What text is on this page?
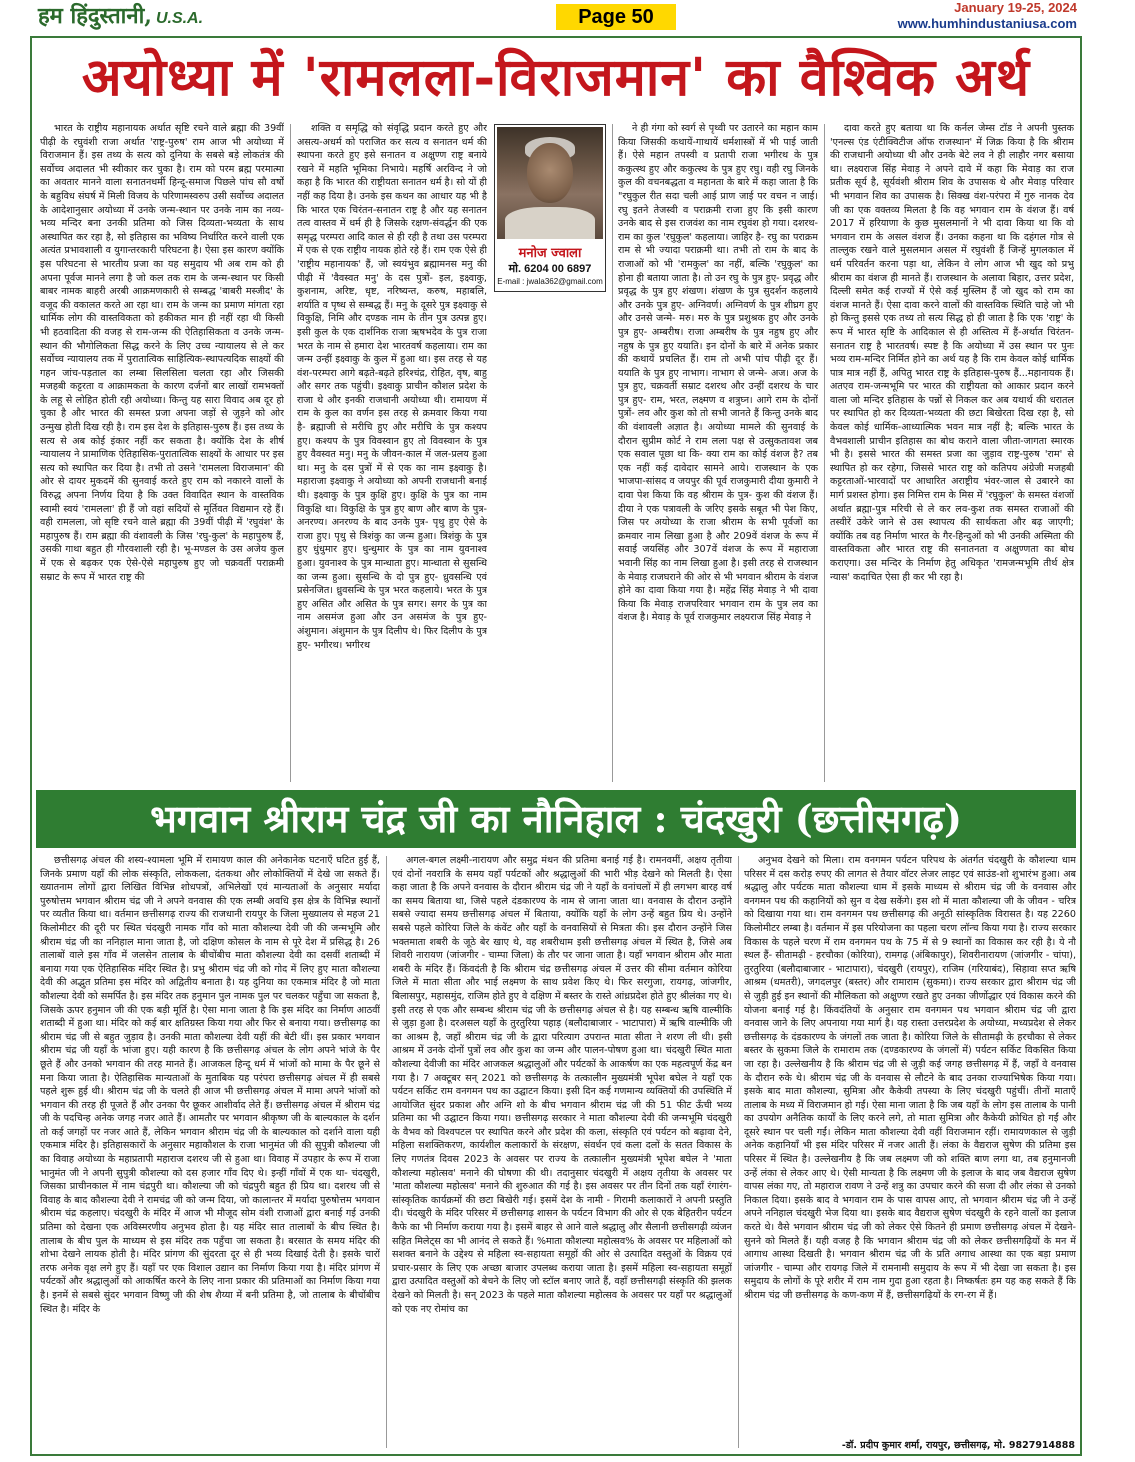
हम हिंदुस्तानी, U.S.A.	Page 50	January 19-25, 2024
www.humhindustaniusa.com
अयोध्या में 'रामलला-विराजमान' का वैश्विक अर्थ

भारत के राष्ट्रीय महानायक अर्थात सृष्टि रचने वाले ब्रह्मा की 39वीं पीढ़ी के रघुवंशी राजा अर्थात 'राष्ट्र-पुरुष' राम आज भी अयोध्या में विराजमान हैं। इस तथ्य के सत्य को दुनिया के सबसे बड़े लोकतंत्र की सर्वोच्च अदालत भी स्वीकार कर चुका है। राम को परम ब्रह्म परमात्मा का अवतार मानने वाला सनातनधर्मी हिन्दू-समाज पिछले पांच सौ वर्षों के बहुविध संघर्ष में मिली विजय के परिणामस्वरुप उसी सर्वोच्च अदालत के आदेशानुसार अयोध्या में उनके जन्म-स्थान पर उनके नाम का नव्य-भव्य मन्दिर बना उनकी प्रतिमा को जिस दिव्यता-भव्यता के साथ अस्थापित कर रहा है, सो इतिहास का भविष्य निर्धारित करने वाली एक अत्यंत प्रभावशाली व युगान्तरकारी परिघटना है। ऐसा इस कारण क्योंकि इस परिघटना से भारतीय प्रजा का यह समुदाय भी अब राम को ही अपना पूर्वज मानने लगा है जो कल तक राम के जन्म-स्थान पर किसी बाबर नामक बाहरी अरबी आक्रमणकारी से सम्बद्ध 'बाबरी मस्जीद' के वजूद की वकालत करते आ रहा था। राम के जन्म का प्रमाण मांगता रहा धार्मिक लोग की वास्तविकता को हकीकत मान ही नहीं रहा थी किसी भी हठवादिता की वजह से राम-जन्म की ऐतिहासिकता व उनके जन्म-स्थान की भौगोलिकता सिद्ध करने के लिए उच्च न्यायालय से ले कर सर्वोच्च न्यायालय तक में पुरातात्विक साहित्यिक-स्थापत्यदिक साक्ष्यों की गहन जांच-पड़ताल का लम्बा सिलसिला चलता रहा और जिसकी मजहबी कट्टरता व आक्रामकता के कारण दर्जनों बार लाखों रामभक्तों के लहू से लोहित होती रही अयोध्या। किन्तु यह सारा विवाद अब दूर हो चुका है और भारत की समस्त प्रजा अपना जड़ों से जुड़ने को ओर उन्मुख होती दिख रही है। राम इस देश के इतिहास-पुरुष हैं। इस तथ्य के सत्य से अब कोई इंकार नहीं कर सकता है। क्योंकि देश के शीर्ष न्यायालय ने प्रामाणिक ऐतिहासिक-पुरातात्विक साक्ष्यों के आधार पर इस सत्य को स्थापित कर दिया है। तभी तो उसने 'रामलला विराजमान' की ओर से दायर मुकदमें की सुनवाई करते हुए राम को नकारने वालों के विरुद्ध अपना निर्णय दिया है कि उक्त विवादित स्थान के वास्तविक स्वामी स्वयं 'रामलला' ही हैं जो वहां सदियों से मूर्तिवत विद्यमान रहे हैं। वही रामलला, जो सृष्टि रचने वाले ब्रह्मा की 39वीं पीढ़ी में 'रघुवंश' के महापुरुष हैं। राम ब्रह्मा की वंशावली के जिस 'रघु-कुल' के महापुरुष हैं, उसकी गाथा बहुत ही गौरवशाली रही है। भू-मण्डल के उस अजेय कुल में एक से बढ़कर एक ऐसे-ऐसे महापुरुष हुए जो चक्रवर्ती पराक्रमी सम्राट के रूप में भारत राष्ट्र की

शक्ति व समृद्धि को संवृद्धि प्रदान करते हुए और असत्य-अधर्म को पराजित कर सत्य व सनातन धर्म की स्थापना करते हुए इसे सनातन व अक्षुण्ण राष्ट्र बनाये रखने में महति भूमिका निभाये। महर्षि अरविन्द ने जो कहा है कि भारत की राष्ट्रीयता सनातन धर्म है। सो यों ही नहीं कह दिया है। उनके इस कथन का आधार यह भी है कि भारत एक चिरंतन-सनातन राष्ट्र है और यह सनातन तत्व वास्तव में धर्म ही है जिसके रक्षण-संवर्द्धन की एक समृद्ध परम्परा आदि काल से ही रही है तथा उस परम्परा में एक से एक राष्ट्रीय नायक होते रहे हैं। राम एक ऐसे ही 'राष्ट्रीय महानायक' हैं, जो स्वयंभुव ब्रह्मामनस मनु की पीढ़ी में 'वैवस्वत मनु' के दस पुत्रों- इल, इक्ष्वाकु, कुशनाम, अरिष्ट, धृष्ट, नरिष्यन्त, करुष, महाबलि, शर्याति व पृष्ध से सम्बद्ध हैं। मनु के दूसरे पुत्र इक्ष्वाकु से विकुक्षि, निमि और दण्डक नाम के तीन पुत्र उत्पन्न हुए। इसी कुल के एक दार्शनिक राजा ऋषभदेव के पुत्र राजा भरत के नाम से हमारा देश भारतवर्ष कहलाया। राम का जन्म उन्हीं इक्ष्वाकु के कुल में हुआ था। इस तरह से यह वंश-परम्परा आगे बढ़ते-बढ़ते हरिश्चंद्र, रोहित, वृष, बाहु और सगर तक पहुंची। इक्ष्वाकु प्राचीन कौशल प्रदेश के राजा थे और इनकी राजधानी अयोध्या थी। रामायण में राम के कुल का वर्णन इस तरह से क्रमवार किया गया है- ब्रह्माजी से मरीचि हुए और मरीचि के पुत्र कश्यप हुए। कश्यप के पुत्र विवस्वान हुए तो विवस्वान के पुत्र हुए वैवस्वत मनु। मनु के जीवन-काल में जल-प्रलय हुआ था। मनु के दस पुत्रों में से एक का नाम इक्ष्वाकु है। महाराजा इक्ष्वाकु ने अयोध्या को अपनी राजधानी बनाई थी। इक्ष्वाकु के पुत्र कुक्षि हुए। कुक्षि के पुत्र का नाम विकुक्षि था। विकुक्षि के पुत्र हुए बाण और बाण के पुत्र- अनरण्य। अनरण्य के बाद उनके पुत्र- पृथु हुए ऐसे के राजा हुए। पृथु से त्रिशंकु का जन्म हुआ। त्रिशंकु के पुत्र हुए धुंधुमार हुए। धुन्धुमार के पुत्र का नाम युवनाश्व हुआ। युवनाश्व के पुत्र मान्धाता हुए। मान्धाता से सुसन्धि का जन्म हुआ। सुसन्धि के दो पुत्र हुए- ध्रुवसन्धि एवं प्रसेनजित। ध्रुवसन्धि के पुत्र भरत कहलाये। भरत के पुत्र हुए असित और असित के पुत्र सगर। सगर के पुत्र का नाम असमंज हुआ और उन असमंज के पुत्र हुए- अंशुमान। अंशुमान के पुत्र दिलीप थे। फिर दिलीप के पुत्र हुए- भगीरथ। भगीरथ

मनोज ज्वाला
मो. 6204 00 6897
E-mail : jwala362@gmail.com

ने ही गंगा को स्वर्ग से पृथ्वी पर उतारने का महान काम किया जिसकी कथायें-गाथायें धर्मशास्त्रों में भी पाई जाती हैं। ऐसे महान तपस्वी व प्रतापी राजा भगीरथ के पुत्र ककुत्स्थ हुए और ककुत्स्थ के पुत्र हुए रघु। वही रघु जिनके कुल की वचनबद्धता व महानता के बारे में कहा जाता है कि "रघुकुल रीत सदा चली आई प्राण जाई पर वचन न जाई। रघु इतने तेजस्वी व पराक्रमी राजा हुए कि इसी कारण उनके बाद से इस राजवंश का नाम रघुवंश हो गया। दशरथ-राम का कुल 'रघुकुल' कहलाया। जाहिर है- रघु का पराक्रम राम से भी ज्यादा पराक्रमी था। तभी तो राम के बाद के राजाओं को भी 'रामकुल' का नहीं, बल्कि 'रघुकुल' का होना ही बताया जाता है। तो उन रघु के पुत्र हुए- प्रवृद्ध और प्रवृद्ध के पुत्र हुए शंखण। शंखण के पुत्र सुदर्शन कहलाये और उनके पुत्र हुए- अग्निवर्ण। अग्निवर्ण के पुत्र शीघ्रग हुए और उनसे जन्मे- मरु। मरु के पुत्र प्रशुश्रक हुए और उनके पुत्र हुए- अम्बरीष। राजा अम्बरीष के पुत्र नहुष हुए और नहुष के पुत्र हुए ययाति। इन दोनों के बारे में अनेक प्रकार की कथायें प्रचलित हैं। राम तो अभी पांच पीढ़ी दूर हैं। ययाति के पुत्र हुए नाभाग। नाभाग से जन्मे- अज। अज के पुत्र हुए, चक्रवर्ती सम्राट दशरथ और उन्हीं दशरथ के चार पुत्र हुए- राम, भरत, लक्ष्मण व शत्रुघ्न। आगे राम के दोनों पुत्रों- लव और कुश को तो सभी जानते हैं किन्तु उनके बाद की वंशावली अज्ञात है। अयोध्या मामले की सुनवाई के दौरान सुप्रीम कोर्ट ने राम लला पक्ष से उत्सुकतावश जब एक सवाल पूछा था कि- क्या राम का कोई वंशज है? तब एक नहीं कई दावेदार सामने आये। राजस्थान के एक भाजपा-सांसद व जयपुर की पूर्व राजकुमारी दीया कुमारी ने दावा पेश किया कि वह श्रीराम के पुत्र- कुश की वंशज हैं। दीया ने एक पत्रावली के जरिए इसके सबूत भी पेश किए, जिस पर अयोध्या के राजा श्रीराम के सभी पूर्वजों का क्रमवार नाम लिखा हुआ है और 209वें वंशज के रूप में सवाई जयसिंह और 307वें वंशज के रूप में महाराजा भवानी सिंह का नाम लिखा हुआ है। इसी तरह से राजस्थान के मेवाड़ राजघराने की ओर से भी भगवान श्रीराम के वंशज होने का दावा किया गया है। महेंद्र सिंह मेवाड़ ने भी दावा किया कि मेवाड़ राजपरिवार भगवान राम के पुत्र लव का वंशज है। मेवाड़ के पूर्व राजकुमार लक्ष्यराज सिंह मेवाड़ ने

दावा करते हुए बताया था कि कर्नल जेम्स टॉड ने अपनी पुस्तक 'एनल्स एंड एंटीक्विटीज ऑफ राजस्थान' में जिक्र किया है कि श्रीराम की राजधानी अयोध्या थी और उनके बेटे लव ने ही लाहौर नगर बसाया था। लक्ष्यराज सिंह मेवाड़ ने अपने दावे में कहा कि मेवाड़ का राज प्रतीक सूर्य है, सूर्यवंशी श्रीराम शिव के उपासक थे और मेवाड़ परिवार भी भगवान शिव का उपासक है। सिक्ख वंश-परंपरा में गुरु नानक देव जी का एक वक्तव्य मिलता है कि वह भगवान राम के वंशज हैं। वर्ष 2017 में हरियाणा के कुछ मुसलमानों ने भी दावा किया था कि वो भगवान राम के असल वंशज हैं। उनका कहना था कि दहंगल गोत्र से ताल्लुक रखने वाले मुसलमान असल में रघुवंशी हैं जिन्हें मुगलकाल में धर्म परिवर्तन करना पड़ा था, लेकिन वे लोग आज भी खुद को प्रभु श्रीराम का वंशज ही मानते हैं। राजस्थान के अलावा बिहार, उत्तर प्रदेश, दिल्ली समेत कई राज्यों में ऐसे कई मुस्लिम हैं जो खुद को राम का वंशज मानते हैं। ऐसा दावा करने वालों की वास्तविक स्थिति चाहे जो भी हो किन्तु इससे एक तथ्य तो सत्य सिद्ध हो ही जाता है कि एक 'राष्ट्र' के रूप में भारत सृष्टि के आदिकाल से ही अस्तित्व में हैं-अर्थात चिरंतन-सनातन राष्ट्र है भारतवर्ष। स्पष्ट है कि अयोध्या में उस स्थान पर पुनः भव्य राम-मन्दिर निर्मित होने का अर्थ यह है कि राम केवल कोई धार्मिक पात्र मात्र नहीं हैं, अपितु भारत राष्ट्र के इतिहास-पुरुष हैं...महानायक हैं। अतएव राम-जन्मभूमि पर भारत की राष्ट्रीयता को आकार प्रदान करने वाला जो मन्दिर इतिहास के पन्नों से निकल कर अब यथार्थ की धरातल पर स्थापित हो कर दिव्यता-भव्यता की छटा बिखेरता दिख रहा है, सो केवल कोई धार्मिक-आध्यात्मिक भवन मात्र नहीं है; बल्कि भारत के वैभवशाली प्राचीन इतिहास का बोध कराने वाला जीता-जागता स्मारक भी है। इससे भारत की समस्त प्रजा का जुड़ाव राष्ट्र-पुरुष 'राम' से स्थापित हो कर रहेगा, जिससे भारत राष्ट्र को कतिपय अंग्रेजी मजहबी कट्टरताओं-भारवादों पर आधारित अराष्ट्रीय भंवर-जाल से उबारने का मार्ग प्रशस्त होगा। इस निमित्त राम के मिस में 'रघुकुल' के समस्त वंशजों अर्थात ब्रह्मा-पुत्र मरिची से ले कर लव-कुश तक समस्त राजाओं की तस्वीरें उकेरे जाने से उस स्थापत्य की सार्थकता और बढ़ जाएगी; क्योंकि तब वह निर्माण भारत के गैर-हिन्दुओं को भी उनकी अस्मिता की वास्तविकता और भारत राष्ट्र की सनातनता व अक्षुण्णता का बोध कराएगा। उस मन्दिर के निर्माण हेतु अधिकृत 'रामजन्मभूमि तीर्थ क्षेत्र न्यास' कदाचित ऐसा ही कर भी रहा है।

भगवान श्रीराम चंद्र जी का नौनिहाल : चंदखुरी (छत्तीसगढ़)

छत्तीसगढ़ अंचल की शस्य-श्यामला भूमि में रामायण काल की अनेकानेक घटनाएँ घटित हुई हैं, जिनके प्रमाण यहाँ की लोक संस्कृति, लोककला, दंतकथा और लोकोक्तियों में देखे जा सकते हैं। ख्यातनाम लोगों द्वारा लिखित विभिन्न शोधपत्रों, अभिलेखों एवं मान्यताओं के अनुसार मर्यादा पुरुषोत्तम भगवान श्रीराम चंद्र जी ने अपने वनवास की एक लम्बी अवधि इस क्षेत्र के विभिन्न स्थानों पर व्यतीत किया था। वर्तमान छत्तीसगढ़ राज्य की राजधानी रायपुर के जिला मुख्यालय से महज 21 किलोमीटर की दूरी पर स्थित चंदखुरी नामक गाँव को माता कौशल्या देवी जी की जन्मभूमि और श्रीराम चंद्र जी का ननिहाल माना जाता है, जो दक्षिण कोसल के नाम से पूरे देश में प्रसिद्ध है। 26 तालाबों वाले इस गाँव में जलसेन तालाब के बीचोंबीच माता कौशल्या देवी का दसवीं शताब्दी में बनाया गया एक ऐतिहासिक मंदिर स्थित है। प्रभु श्रीराम चंद्र जी को गोद में लिए हुए माता कौशल्या देवी की अद्भुत प्रतिमा इस मंदिर को अद्वितीय बनाता है। यह दुनिया का एकमात्र मंदिर है जो माता कौशल्या देवी को समर्पित है। इस मंदिर तक हनुमान पुल नामक पुल पर चलकर पहुँचा जा सकता है, जिसके ऊपर हनुमान जी की एक बड़ी मूर्ति है। ऐसा माना जाता है कि इस मंदिर का निर्माण आठवीं शताब्दी में हुआ था। मंदिर को कई बार क्षतिग्रस्त किया गया और फिर से बनाया गया। छत्तीसगढ़ का श्रीराम चंद्र जी से बहुत जुड़ाव है। उनकी माता कौशल्या देवी यहीं की बेटी थीं। इस प्रकार भगवान श्रीराम चंद्र जी यहाँ के भांजा हुए। यही कारण है कि छत्तीसगढ़ अंचल के लोग अपने भांजे के पैर छूते हैं और उनको भगवान की तरह मानते हैं। आजकल हिन्दू धर्म में भांजों को मामा के पैर छूने से मना किया जाता है। ऐतिहासिक मान्यताओं के मुताबिक यह परंपरा छत्तीसगढ़ अंचल में ही सबसे पहले शुरू हुई थी। श्रीराम चंद्र जी के चलते ही आज भी छत्तीसगढ़ अंचल में मामा अपने भांजों को भगवान की तरह ही पूजते हैं और उनका पैर छूकर आशीर्वाद लेते हैं। छत्तीसगढ़ अंचल में श्रीराम चंद्र जी के पदचिन्ह अनेक जगह नजर आते हैं। आमतौर पर भगवान श्रीकृष्ण जी के बाल्यकाल के दर्शन तो कई जगहों पर नजर आते हैं, लेकिन भगवान श्रीराम चंद्र जी के बाल्यकाल को दर्शाने वाला यही एकमात्र मंदिर है। इतिहासकारों के अनुसार महाकौशल के राजा भानुमंत जी की सुपुत्री कौशल्या जी का विवाह अयोध्या के महाप्रतापी महाराज दशरथ जी से हुआ था। विवाह में उपहार के रूप में राजा भानुमंत जी ने अपनी सुपुत्री कौशल्या को दस हजार गाँव दिए थे। इन्हीं गाँवों में एक था- चंदखुरी, जिसका प्राचीनकाल में नाम चंद्रपुरी था। कौशल्या जी को चंद्रपुरी बहुत ही प्रिय था। दशरथ जी से विवाह के बाद कौशल्या देवी ने रामचंद्र जी को जन्म दिया, जो कालान्तर में मर्यादा पुरुषोत्तम भगवान श्रीराम चंद्र कहलाए। चंदखुरी के मंदिर में आज भी मौजूद सोम वंशी राजाओं द्वारा बनाई गई उनकी प्रतिमा को देखना एक अविस्मरणीय अनुभव होता है। यह मंदिर सात तालाबों के बीच स्थित है। तालाब के बीच पुल के माध्यम से इस मंदिर तक पहुँचा जा सकता है। बरसात के समय मंदिर की शोभा देखने लायक होती है। मंदिर प्रांगण की सुंदरता दूर से ही भव्य दिखाई देती है। इसके चारों तरफ अनेक वृक्ष लगे हुए हैं। यहाँ पर एक विशाल उद्यान का निर्माण किया गया है। मंदिर प्रांगण में पर्यटकों और श्रद्धालुओं को आकर्षित करने के लिए नाना प्रकार की प्रतिमाओं का निर्माण किया गया है। इनमें से सबसे सुंदर भगवान विष्णु जी की शेष शैय्या में बनी प्रतिमा है, जो तालाब के बीचोंबीच स्थित है। मंदिर के

अगल-बगल लक्ष्मी-नारायण और समुद्र मंथन की प्रतिमा बनाई गई है। रामनवमीं, अक्षय तृतीया एवं दोनों नवरात्रि के समय यहाँ पर्यटकों और श्रद्धालुओं की भारी भीड़ देखने को मिलती है। ऐसा कहा जाता है कि अपने वनवास के दौरान श्रीराम चंद्र जी ने यहाँ के वनांचलों में ही लगभग बारह वर्ष का समय बिताया था, जिसे पहले दंडकारण्य के नाम से जाना जाता था। वनवास के दौरान उन्होंने सबसे ज्यादा समय छत्तीसगढ़ अंचल में बिताया, क्योंकि यहाँ के लोग उन्हें बहुत प्रिय थे। उन्होंने सबसे पहले कोरिया जिले के कंवेंट और यहाँ के वनवासियों से मित्रता की। इस दौरान उन्होंने जिस भक्तमाता शबरी के जूठे बेर खाए थे, वह शबरीधाम इसी छत्तीसगढ़ अंचल में स्थित है, जिसे अब शिवरी नारायण (जांजगीर - चाम्पा जिला) के तौर पर जाना जाता है। यहाँ भगवान श्रीराम और माता शबरी के मंदिर हैं। किंवदंती है कि श्रीराम चंद्र छत्तीसगढ़ अंचल में उत्तर की सीमा वर्तमान कोरिया जिले में माता सीता और भाई लक्ष्मण के साथ प्रवेश किए थे। फिर सरगुजा, रायगढ़, जांजगीर, बिलासपुर, महासमुंद, राजिम होते हुए वे दक्षिण में बस्तर के रास्ते आंध्रप्रदेश होते हुए श्रीलंका गए थे। इसी तरह से एक और सम्बन्ध श्रीराम चंद्र जी के छत्तीसगढ़ अंचल से है। यह सम्बन्ध ऋषि वाल्मीकि से जुड़ा हुआ है। दरअसल यहाँ के तुरतुरिया पहाड़ (बलौदाबाजार - भाटापारा) में ऋषि वाल्मीकि जी का आश्रम है, जहाँ श्रीराम चंद्र जी के द्वारा परित्याग उपरान्त माता सीता ने शरण ली थी। इसी आश्रम में उनके दोनों पुत्रों लव और कुश का जन्म और पालन-पोषण हुआ था। चंदखुरी स्थित माता कौशल्या देवीजी का मंदिर आजकल श्रद्धालुओं और पर्यटकों के आकर्षण का एक महत्वपूर्ण केंद्र बन गया है। 7 अक्टूबर सन् 2021 को छत्तीसगढ़ के तत्कालीन मुख्यमंत्री भूपेश बघेल ने यहाँ एक पर्यटन सर्किट राम वनगमन पथ का उद्घाटन किया। इसी दिन कई गणमान्य व्यक्तियों की उपस्थिति में आयोजित सुंदर प्रकाश और अग्नि शो के बीच भगवान श्रीराम चंद्र जी की 51 फीट ऊँची भव्य प्रतिमा का भी उद्घाटन किया गया। छत्तीसगढ़ सरकार ने माता कौशल्या देवी की जन्मभूमि चंदखुरी के वैभव को विश्वपटल पर स्थापित करने और प्रदेश की कला, संस्कृति एवं पर्यटन को बढ़ावा देने, महिला सशक्तिकरण, कार्यशील कलाकारों के संरक्षण, संवर्धन एवं कला दलों के सतत विकास के लिए गणतंत्र दिवस 2023 के अवसर पर राज्य के तत्कालीन मुख्यमंत्री भूपेश बघेल ने 'माता कौशल्या महोत्सव' मनाने की घोषणा की थी। तदानुसार चंदखुरी में अक्षय तृतीया के अवसर पर 'माता कौशल्या महोत्सव' मनाने की शुरुआत की गई है। इस अवसर पर तीन दिनों तक यहाँ रंगारंग-सांस्कृतिक कार्यक्रमों की छटा बिखेरी गई। इसमें देश के नामी - गिरामी कलाकारों ने अपनी प्रस्तुति दी। चंदखुरी के मंदिर परिसर में छत्तीसगढ़ शासन के पर्यटन विभाग की ओर से एक बेहितरीन पर्यटन कैफे का भी निर्माण कराया गया है। इसमें बाहर से आने वाले श्रद्धालु और सैलानी छत्तीसगढ़ी व्यंजन सहित मिलेट्स का भी आनंद ले सकते हैं। %माता कौशल्या महोत्सव% के अवसर पर महिलाओं को सशक्त बनाने के उद्देश्य से महिला स्व-सहायता समूहों की ओर से उत्पादित वस्तुओं के विक्रय एवं प्रचार-प्रसार के लिए एक अच्छा बाजार उपलब्ध कराया जाता है। इसमें महिला स्व-सहायता समूहों द्वारा उत्पादित वस्तुओं को बेचने के लिए जो स्टॉल बनाए जाते हैं, वहाँ छत्तीसगढ़ी संस्कृति की झलक देखने को मिलती है। सन् 2023 के पहले माता कौशल्या महोत्सव के अवसर पर यहाँ पर श्रद्धालुओं को एक नए रोमांच का

अनुभव देखने को मिला। राम वनगमन पर्यटन परिपथ के अंतर्गत चंदखुरी के कौशल्या धाम परिसर में दस करोड़ रुपए की लागत से तैयार वॉटर लेजर लाइट एवं साउंड-शो शुभारंभ हुआ। अब श्रद्धालु और पर्यटक माता कौशल्या धाम में इसके माध्यम से श्रीराम चंद्र जी के वनवास और वनगमन पथ की कहानियों को सुन व देख सकेंगे। इस शो में माता कौशल्या जी के जीवन - चरित्र को दिखाया गया था। राम वनगमन पथ छत्तीसगढ़ की अनूठी सांस्कृतिक विरासत है। यह 2260 किलोमीटर लम्बा है। वर्तमान में इस परियोजना का पहला चरण लॉन्च किया गया है। राज्य सरकार विकास के पहले चरण में राम वनगमन पथ के 75 में से 9 स्थानों का विकास कर रही है। ये नौ स्थल हैं- सीतामढ़ी - हरचौका (कोरिया), रामगढ़ (अंबिकापुर), शिवरीनारायण (जांजगीर - चांपा), तुरतुरिया (बलौदाबाजार - भाटापारा), चंदखुरी (रायपुर), राजिम (गरियाबंद), सिहावा सप्त ऋषि आश्रम (धमतरी), जगदलपुर (बस्तर) और रामाराम (सुकमा)। राज्य सरकार द्वारा श्रीराम चंद्र जी से जुड़ी हुई इन स्थानों की मौलिकता को अक्षुण्ण रखते हुए उनका जीर्णोद्धार एवं विकास करने की योजना बनाई गई है। किंवदंतियों के अनुसार राम वनगमन पथ भगवान श्रीराम चंद्र जी द्वारा वनवास जाने के लिए अपनाया गया मार्ग है। यह रास्ता उत्तरप्रदेश के अयोध्या, मध्यप्रदेश से लेकर छत्तीसगढ़ के दंडकारण्य के जंगलों तक जाता है। कोरिया जिले के सीतामढ़ी के हरचौका से लेकर बस्तर के सुकमा जिले के रामाराम तक (दण्डकारण्य के जंगलों में) पर्यटन सर्किट विकसित किया जा रहा है। उल्लेखनीय है कि श्रीराम चंद्र जी से जुड़ी कई जगह छत्तीसगढ़ में हैं, जहाँ वे वनवास के दौरान रुके थे। श्रीराम चंद्र जी के वनवास से लौटने के बाद उनका राज्याभिषेक किया गया। इसके बाद माता कौशल्या, सुमित्रा और कैकेयी तपस्या के लिए चंदखुरी पहुंचीं। तीनों माताएँ तालाब के मध्य में विराजमान हो गईं। ऐसा माना जाता है कि जब यहाँ के लोग इस तालाब के पानी का उपयोग अनैतिक कार्यों के लिए करने लगे, तो माता सुमित्रा और कैकेयी क्रोधित हो गईं और दूसरे स्थान पर चली गईं। लेकिन माता कौशल्या देवी वहीं विराजमान रहीं। रामायणकाल से जुड़ी अनेक कहानियाँ भी इस मंदिर परिसर में नजर आती हैं। लंका के वैद्यराज सुषेण की प्रतिमा इस परिसर में स्थित है। उल्लेखनीय है कि जब लक्ष्मण जी को शक्ति बाण लगा था, तब हनुमानजी उन्हें लंका से लेकर आए थे। ऐसी मान्यता है कि लक्ष्मण जी के इलाज के बाद जब वैद्यराज सुषेण वापस लंका गए, तो महाराज रावण ने उन्हें शत्रु का उपचार करने की सजा दी और लंका से उनको निकाल दिया। इसके बाद वे भगवान राम के पास वापस आए, तो भगवान श्रीराम चंद्र जी ने उन्हें अपने ननिहाल चंदखुरी भेज दिया था। इसके बाद वैद्यराज सुषेण चंदखुरी के रहने वालों का इलाज करते थे। वैसे भगवान श्रीराम चंद्र जी को लेकर ऐसे कितने ही प्रमाण छत्तीसगढ़ अंचल में देखने-सुनने को मिलते हैं। यही वजह है कि भगवान श्रीराम चंद्र जी को लेकर छत्तीसगढ़ियों के मन में आगाध आस्था दिखती है। भगवान श्रीराम चंद्र जी के प्रति अगाध आस्था का एक बड़ा प्रमाण जांजगीर - चाम्पा और रायगढ़ जिले में रामनामी समुदाय के रूप में भी देखा जा सकता है। इस समुदाय के लोगों के पूरे शरीर में राम नाम गुदा हुआ रहता है। निष्कर्षतः हम यह कह सकते हैं कि श्रीराम चंद्र जी छत्तीसगढ़ के कण-कण में हैं, छत्तीसगढ़ियों के रग-रग में हैं।

-डॉ. प्रदीप कुमार शर्मा, रायपुर, छत्तीसगढ़, मो. 9827914888
